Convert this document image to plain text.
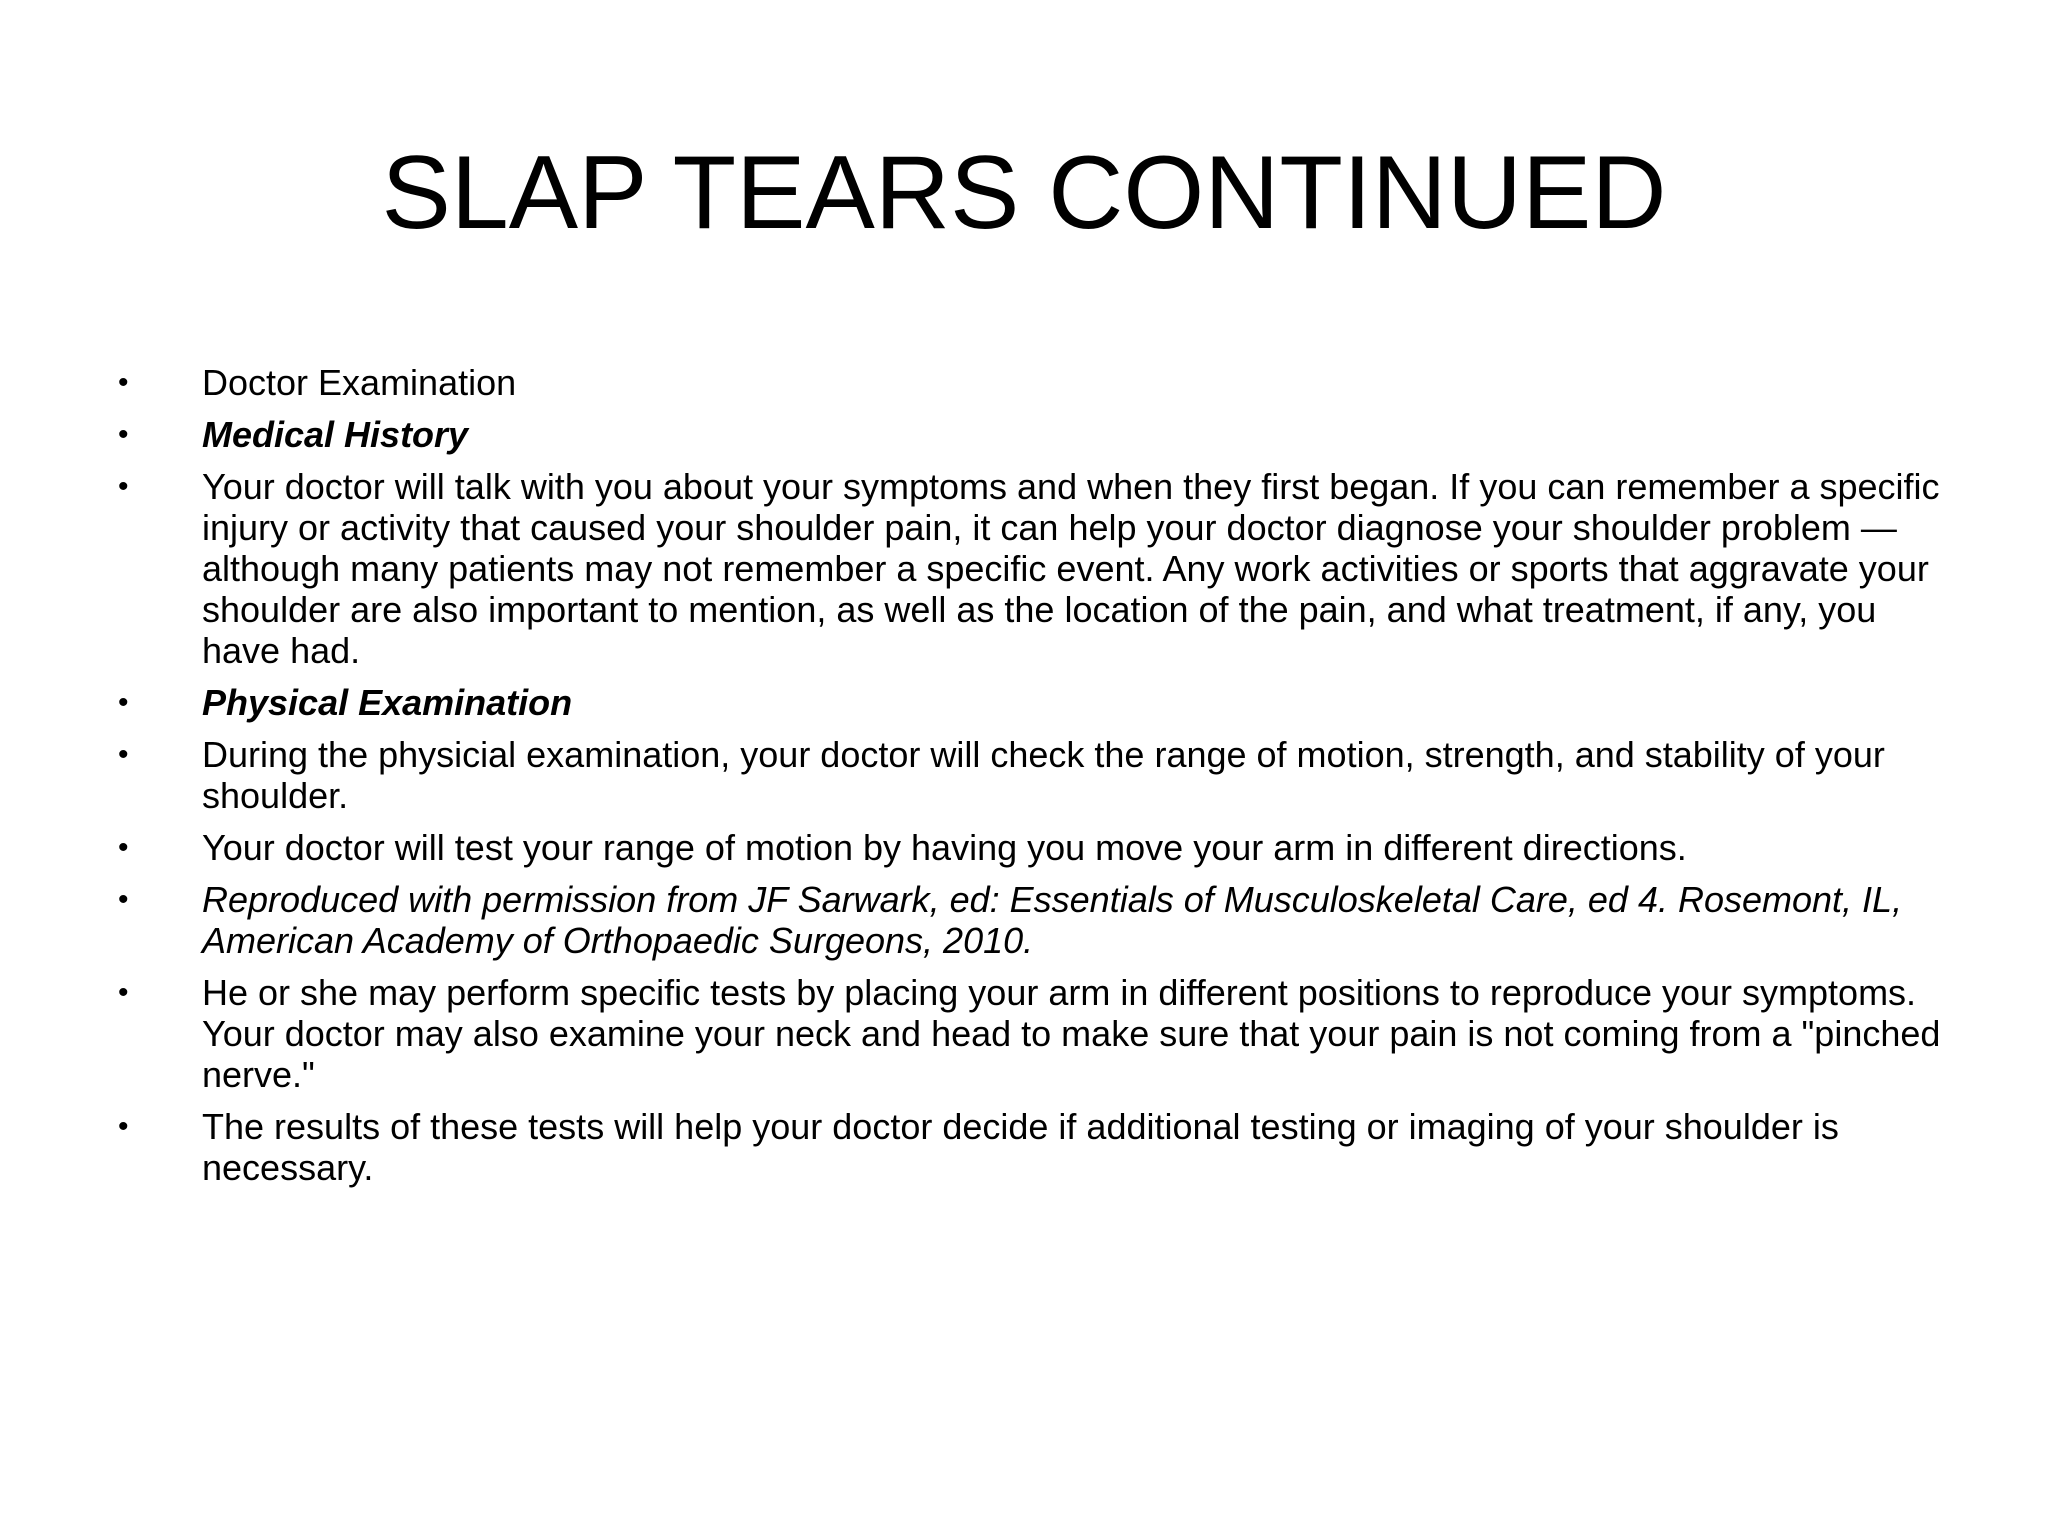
SLAP TEARS CONTINUED
•	Doctor Examination
•	Medical History
•	Your doctor will talk with you about your symptoms and when they first began. If you can remember a specific injury or activity that caused your shoulder pain, it can help your doctor diagnose your shoulder problem — although many patients may not remember a specific event. Any work activities or sports that aggravate your shoulder are also important to mention, as well as the location of the pain, and what treatment, if any, you have had.
•	Physical Examination
•	During the physicial examination, your doctor will check the range of motion, strength, and stability of your shoulder.
•	Your doctor will test your range of motion by having you move your arm in different directions.
•	Reproduced with permission from JF Sarwark, ed: Essentials of Musculoskeletal Care, ed 4. Rosemont, IL, American Academy of Orthopaedic Surgeons, 2010.
•	He or she may perform specific tests by placing your arm in different positions to reproduce your symptoms. Your doctor may also examine your neck and head to make sure that your pain is not coming from a "pinched nerve."
•	The results of these tests will help your doctor decide if additional testing or imaging of your shoulder is necessary.
